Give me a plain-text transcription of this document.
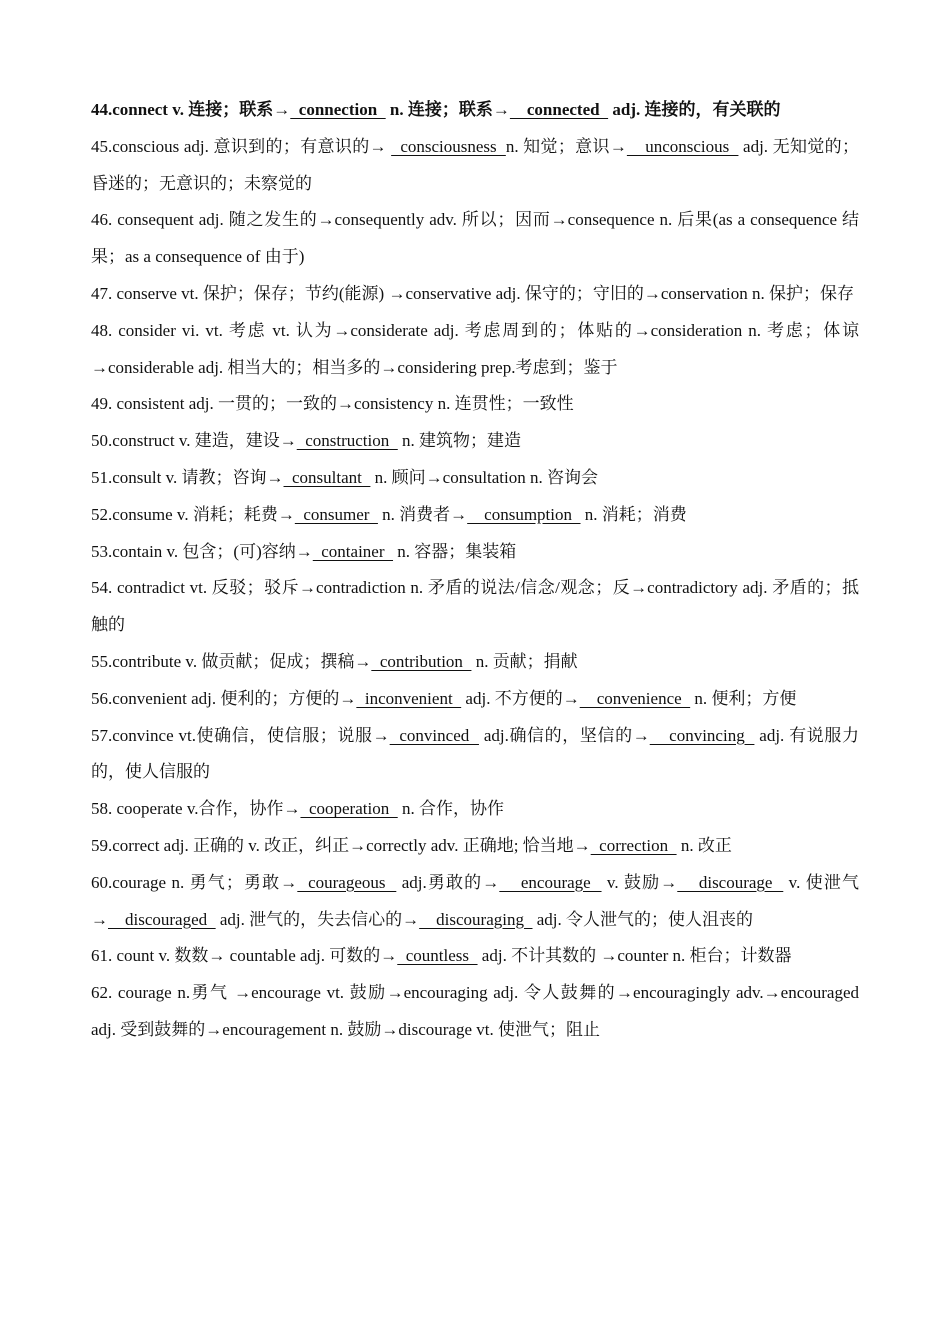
44.connect v. 连接；联系→  connection   n. 连接；联系→    connected   adj. 连接的，有关联的

45.conscious adj. 意识到的；有意识的→   consciousness  n. 知觉；意识→    unconscious   adj. 无知觉的；昏迷的；无意识的；未察觉的

46. consequent adj. 随之发生的→consequently adv. 所以；因而→consequence n. 后果(as a consequence 结果；as a consequence of 由于)

47. conserve vt. 保护；保存；节约(能源) →conservative adj. 保守的；守旧的→conservation n. 保护；保存

48. consider vi. vt. 考虑 vt. 认为→considerate adj. 考虑周到的；体贴的→consideration n. 考虑；体谅→considerable adj. 相当大的；相当多的→considering prep.考虑到；鉴于

49. consistent adj. 一贯的；一致的→consistency n. 连贯性；一致性

50.construct v. 建造，建设→  construction   n. 建筑物；建造

51.consult v. 请教；咨询→  consultant   n. 顾问→consultation n. 咨询会

52.consume v. 消耗；耗费→  consumer   n. 消费者→    consumption   n. 消耗；消费

53.contain v. 包含；(可)容纳→  container   n. 容器；集装箱

54. contradict vt. 反驳；驳斥→contradiction n. 矛盾的说法/信念/观念；反→contradictory adj. 矛盾的；抵触的

55.contribute v. 做贡献；促成；撰稿→  contribution   n. 贡献；捐献

56.convenient adj. 便利的；方便的→  inconvenient   adj. 不方便的→    convenience   n. 便利；方便

57.convince vt.使确信，使信服；说服→  convinced   adj.确信的，坚信的→    convincing   adj. 有说服力的，使人信服的

58. cooperate v.合作，协作→  cooperation   n. 合作，协作

59.correct adj. 正确的 v. 改正，纠正→correctly adv. 正确地; 恰当地→  correction   n. 改正

60.courage n. 勇气；勇敢→  courageous   adj.勇敢的→    encourage   v. 鼓励→    discourage   v. 使泄气→    discouraged   adj. 泄气的，失去信心的→    discouraging   adj. 令人泄气的；使人沮丧的

61. count v. 数数→ countable adj. 可数的→  countless   adj. 不计其数的 →counter n. 柜台；计数器

62. courage n.勇气 →encourage vt. 鼓励→encouraging adj. 令人鼓舞的→encouragingly adv.→encouraged adj. 受到鼓舞的→encouragement n. 鼓励→discourage vt. 使泄气；阻止
